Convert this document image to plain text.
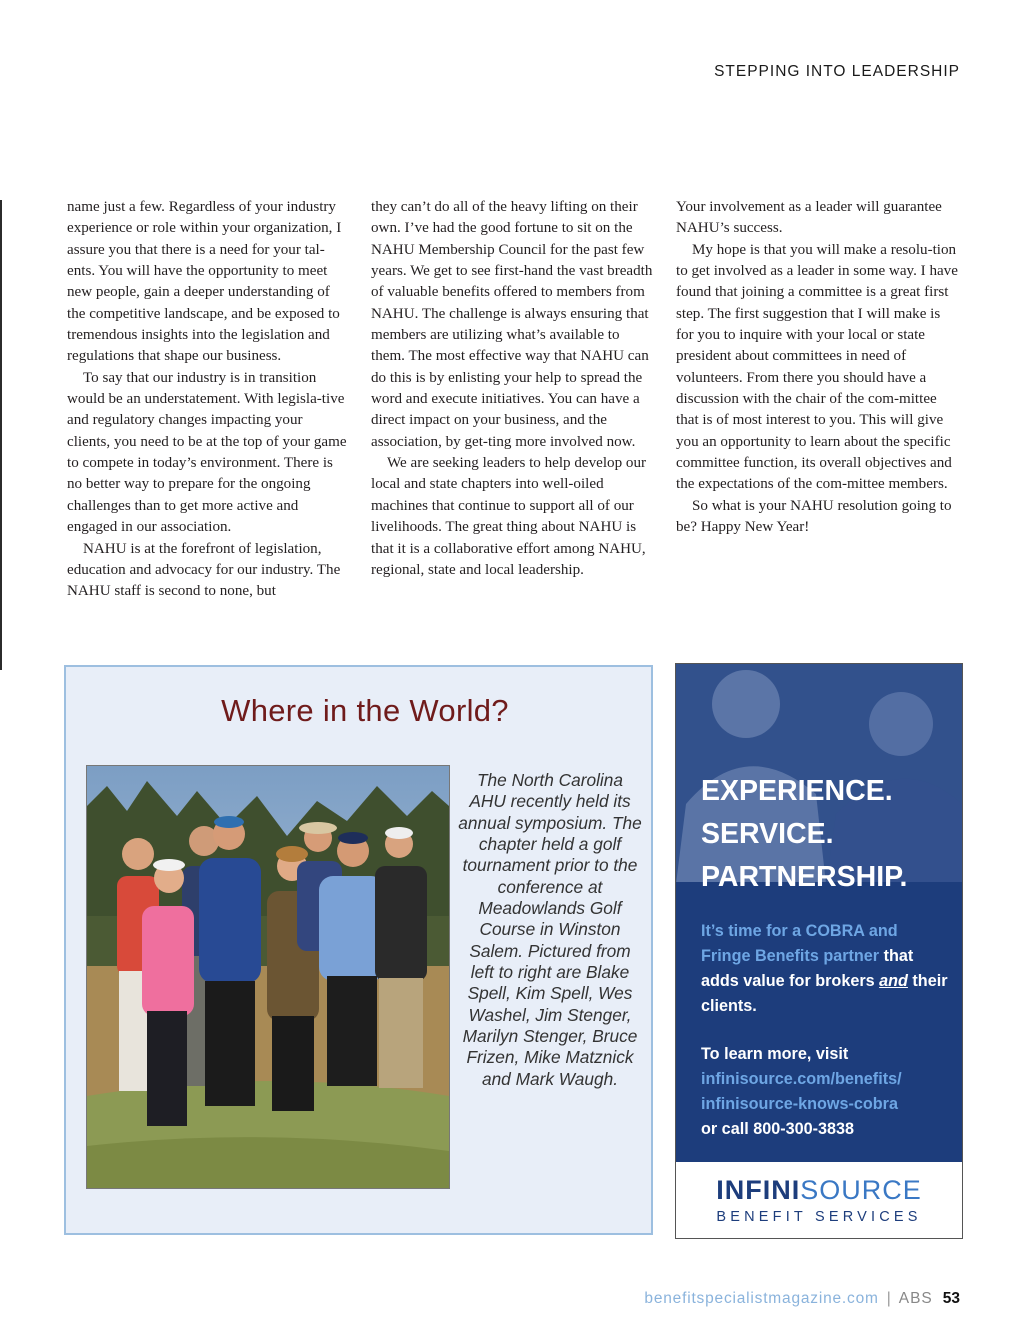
STEPPING INTO LEADERSHIP

name just a few. Regardless of your industry experience or role within your organization, I assure you that there is a need for your tal-ents. You will have the opportunity to meet new people, gain a deeper understanding of the competitive landscape, and be exposed to tremendous insights into the legislation and regulations that shape our business.

To say that our industry is in transition would be an understatement. With legisla-tive and regulatory changes impacting your clients, you need to be at the top of your game to compete in today’s environment. There is no better way to prepare for the ongoing challenges than to get more active and engaged in our association.

NAHU is at the forefront of legislation, education and advocacy for our industry. The NAHU staff is second to none, but

they can’t do all of the heavy lifting on their own. I’ve had the good fortune to sit on the NAHU Membership Council for the past few years. We get to see first-hand the vast breadth of valuable benefits offered to members from NAHU. The challenge is always ensuring that members are utilizing what’s available to them. The most effective way that NAHU can do this is by enlisting your help to spread the word and execute initiatives. You can have a direct impact on your business, and the association, by get-ting more involved now.

We are seeking leaders to help develop our local and state chapters into well-oiled machines that continue to support all of our livelihoods. The great thing about NAHU is that it is a collaborative effort among NAHU, regional, state and local leadership.

Your involvement as a leader will guarantee NAHU’s success.

My hope is that you will make a resolu-tion to get involved as a leader in some way. I have found that joining a committee is a great first step. The first suggestion that I will make is for you to inquire with your local or state president about committees in need of volunteers. From there you should have a discussion with the chair of the com-mittee that is of most interest to you. This will give you an opportunity to learn about the specific committee function, its overall objectives and the expectations of the com-mittee members.

So what is your NAHU resolution going to be? Happy New Year!

Where in the World?
The North Carolina AHU recently held its annual symposium. The chapter held a golf tournament prior to the conference at Meadowlands Golf Course in Winston Salem. Pictured from left to right are Blake Spell, Kim Spell, Wes Washel, Jim Stenger, Marilyn Stenger, Bruce Frizen, Mike Matznick and Mark Waugh.
EXPERIENCE.
SERVICE.
PARTNERSHIP.
It’s time for a COBRA and Fringe Benefits partner that adds value for brokers and their clients.
To learn more, visit
infinisource.com/benefits/
infinisource-knows-cobra
or call 800-300-3838
INFINISOURCE
BENEFIT SERVICES
benefitspecialistmagazine.com | ABS 53
